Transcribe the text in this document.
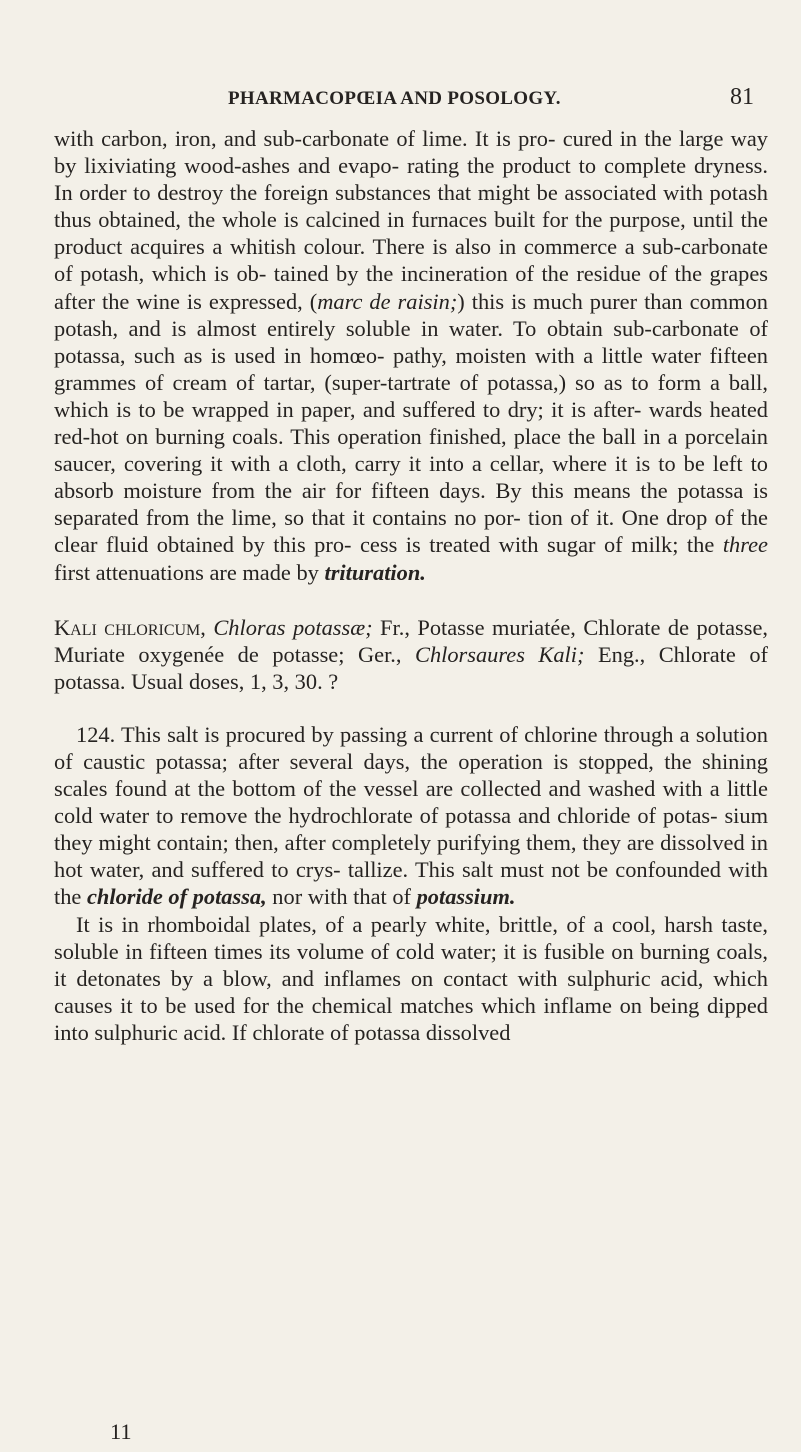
PHARMACOPŒIA AND POSOLOGY.	81

with carbon, iron, and sub-carbonate of lime. It is pro- cured in the large way by lixiviating wood-ashes and evapo- rating the product to complete dryness. In order to destroy the foreign substances that might be associated with potash thus obtained, the whole is calcined in furnaces built for the purpose, until the product acquires a whitish colour. There is also in commerce a sub-carbonate of potash, which is ob- tained by the incineration of the residue of the grapes after the wine is expressed, (marc de raisin;) this is much purer than common potash, and is almost entirely soluble in water. To obtain sub-carbonate of potassa, such as is used in homœo- pathy, moisten with a little water fifteen grammes of cream of tartar, (super-tartrate of potassa,) so as to form a ball, which is to be wrapped in paper, and suffered to dry; it is after- wards heated red-hot on burning coals. This operation finished, place the ball in a porcelain saucer, covering it with a cloth, carry it into a cellar, where it is to be left to absorb moisture from the air for fifteen days. By this means the potassa is separated from the lime, so that it contains no por- tion of it. One drop of the clear fluid obtained by this pro- cess is treated with sugar of milk; the three first attenuations are made by trituration.

Kali chloricum, Chloras potassæ; Fr., Potasse muriatée, Chlorate de potasse, Muriate oxygenée de potasse; Ger., Chlorsaures Kali; Eng., Chlorate of potassa. Usual doses, 1, 3, 30. ?

124. This salt is procured by passing a current of chlorine through a solution of caustic potassa; after several days, the operation is stopped, the shining scales found at the bottom of the vessel are collected and washed with a little cold water to remove the hydrochlorate of potassa and chloride of potas- sium they might contain; then, after completely purifying them, they are dissolved in hot water, and suffered to crys- tallize. This salt must not be confounded with the chloride of potassa, nor with that of potassium.

It is in rhomboidal plates, of a pearly white, brittle, of a cool, harsh taste, soluble in fifteen times its volume of cold water; it is fusible on burning coals, it detonates by a blow, and inflames on contact with sulphuric acid, which causes it to be used for the chemical matches which inflame on being dipped into sulphuric acid. If chlorate of potassa dissolved

11
